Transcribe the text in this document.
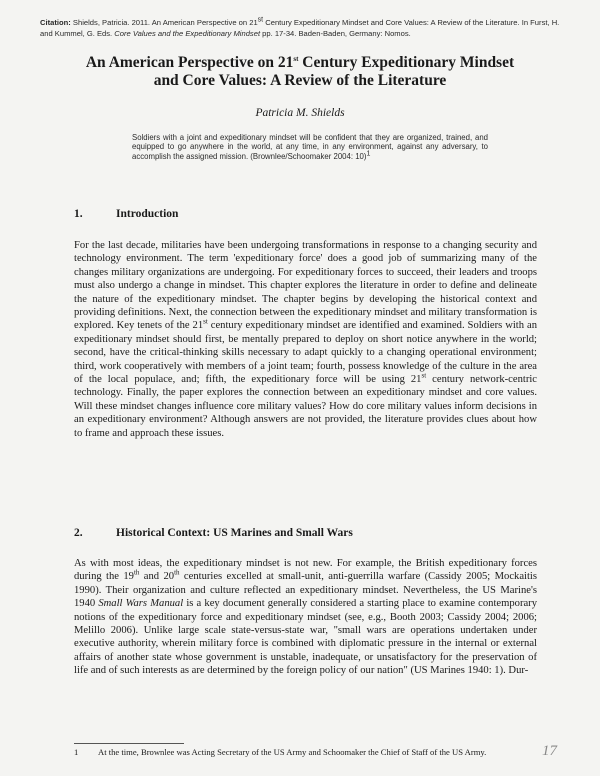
Citation: Shields, Patricia. 2011. An American Perspective on 21st Century Expeditionary Mindset and Core Values: A Review of the Literature. In Furst, H. and Kummel, G. Eds. Core Values and the Expeditionary Mindset pp. 17-34. Baden-Baden, Germany: Nomos.
An American Perspective on 21st Century Expeditionary Mindset
and Core Values: A Review of the Literature
Patricia M. Shields
Soldiers with a joint and expeditionary mindset will be confident that they are organized, trained, and equipped to go anywhere in the world, at any time, in any environment, against any adversary, to accomplish the assigned mission. (Brownlee/Schoomaker 2004: 10)$^1$
1.	Introduction

For the last decade, militaries have been undergoing transformations in response to a changing security and technology environment. The term 'expeditionary force' does a good job of summarizing many of the changes military organizations are undergoing. For expeditionary forces to succeed, their leaders and troops must also undergo a change in mindset. This chapter explores the literature in order to define and delineate the nature of the expeditionary mindset. The chapter begins by developing the historical context and providing definitions. Next, the connection between the expeditionary mindset and military transformation is explored. Key tenets of the 21st century expeditionary mindset are identified and examined. Soldiers with an expeditionary mindset should first, be mentally prepared to deploy on short notice anywhere in the world; second, have the critical-thinking skills necessary to adapt quickly to a changing operational environment; third, work cooperatively with members of a joint team; fourth, possess knowledge of the culture in the area of the local populace, and; fifth, the expeditionary force will be using 21st century network-centric technology. Finally, the paper explores the connection between an expeditionary mindset and core values. Will these mindset changes influence core military values? How do core military values inform decisions in an expeditionary environment? Although answers are not provided, the literature provides clues about how to frame and approach these issues.

2.	Historical Context: US Marines and Small Wars

As with most ideas, the expeditionary mindset is not new. For example, the British expeditionary forces during the 19th and 20th centuries excelled at small-unit, anti-guerrilla warfare (Cassidy 2005; Mockaitis 1990). Their organization and culture reflected an expeditionary mindset. Nevertheless, the US Marine's 1940 Small Wars Manual is a key document generally considered a starting place to examine contemporary notions of the expeditionary force and expeditionary mindset (see, e.g., Booth 2003; Cassidy 2004; 2006; Melillo 2006). Unlike large scale state-versus-state war, "small wars are operations undertaken under executive authority, wherein military force is combined with diplomatic pressure in the internal or external affairs of another state whose government is unstable, inadequate, or unsatisfactory for the preservation of life and of such interests as are determined by the foreign policy of our nation" (US Marines 1940: 1). Dur-

1 At the time, Brownlee was Acting Secretary of the US Army and Schoomaker the Chief of Staff of the US Army.	17
